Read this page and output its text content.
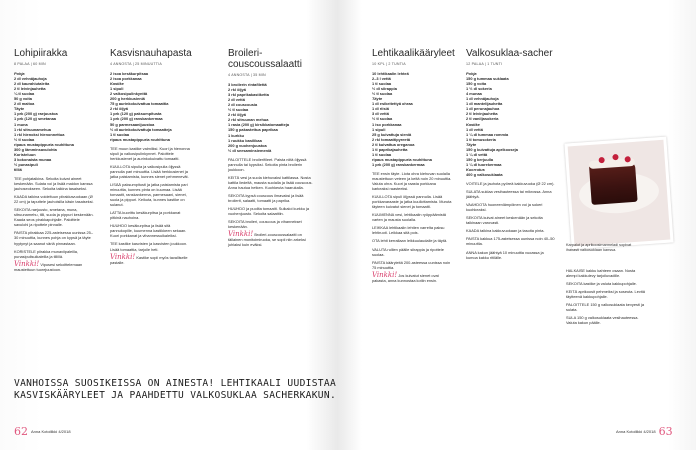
Lohipiirakka
8 PALAA | 60 MIN
Pohja
2 dl vehnäjauhoja
2 dl kaurahiutaleita
2 tl leivinjauhetta
¼ tl suolaa
50 g voita
2 dl maitoa
Täyte
1 prk (200 g) raejuustoa
1 prk (120 g) smetanaa
1 muna
1 rkl sitruunamehua
1 rkl hienoksi hienonnettua
½ tl suolaa
ripaus mustapippuria rouhittuna
300 g lämminsavulohta
Koristeluun
3 kokonaista munaa
½ punasipuli
tilliä

TEE pohjataikina. Sekoita kuivat aineet keskenään. Sulata voi ja lisää maidon kanssa jauhoseokseen. Sekoita taikina tasaiseksi.

KAADA taikina voideltuun piirakkavuokaan (Ø 22 cm) ja taputtele jauhoisilla käsin tasaiseksi.

SEKOITA raejuusto, smetana, muna, sitruunamehu, tilli, suola ja pippuri keskenään. Kaada seos pirakkapohjalle. Paloittele savulohi ja ripottele pinnalle.

PAISTA piirakkaa 225-asteisessa uunissa 25–30 minuuttia, kunnes pohja on kypsä ja täyte hyytynyt ja saanut väriä pinnastaan.

KORISTELE piirakka munaviipaleilla, punasipulisuikaleilla ja tillillä.

Vinkki! Vipusesi sekoittelemaan maustettuun tuorejuustoon.
Kasvisnauhapasta
4 ANNOSTA | 25 MINUUTTIA
2 isoa kesäkurpitsaa
2 isoa porkkanaa
Kastike
1 sipuli
2 valkosipulinkynttä
200 g herkkusieniä
75 g aurinkokuivattua tomaattia
2 rkl öljyä
1 prk (120 g) paksumpitusta
1 prk (200 g) ranskankermaa
50 g parmesaanijuustoa
½ dl aurinkokuivattuja tomaatteja
1 tl suolaa
ripaus mustapippuria rouhittuna

TEE muun kastike valmiiksi. Kuori ja hienonna sipuli ja valkosipulinkynnet. Paloittele herkkusienet ja aurinkokuivattu tomaatti.

KUULLOTA sipulia ja valkosipulia öljyssä pannulla pari minuuttia. Lisää herkkusienet ja jatka paistamista, kunnes sienet pehmenevät.

LISÄÄ paksumpitusti ja jatka paistamista pari minuuttia, kunnes pinta on kuumaa. Lisää tomaatit, ranskankerma, parmesaani, sienet, suola ja pippuri. Keikuta, kunnes kastike on sulanut.

LATTA kuorittu kesäkurpitsa ja porkkanat pitkinä nauhoina.

HUUHDO kesäkurpitsa ja lisää sitä pannukopille, kuumenna kastikkeen sekaan. Kuori porkkanat ja vihannessuikaleiksi.

TEE kastike kasvisten ja kasvisten joukkoon. Lisää tomaattia, tarjoile heti.

Vinkki! Kastike sopii myös tavalliselle pastalle.
Broileri-couscoussalaatti
4 ANNOSTA | 35 MIN
3 broilerin rintafilettä
2 rkl öljyä
3 rkl paprikakastiketta
2 dl vettä
2 dl couscousia
½ tl suolaa
2 rkl öljyä
2 rkl sitruunan mehua
1 rasia (200 g) kirsikkatomaatteja
150 g pakastettua paprikaa
1 kurkku
1 ruukku basilikaa
200 g vuohenjuustoa
½ dl seesaminsiemeniä

PALOITTELE broilerifileet. Paista niitä öljyssä pannulla tai kypsiksi. Sekoita pinta broilerin joukkoon.

KEITÄ vesi ja suola kiehuvaksi kattilassa. Nosta kattila liedeltä, mausta suolalla ja lisää couscous. Anna hautua hetken. Kuohkeuta haarukalla.

SEKOITA kypsä couscous ilmavaksi ja lisää broilerit, salaatti, tomaatti ja paprika.

HUUHDO ja puolita tomaatit. Suikaloi kurkku ja vuohenjuusto. Sekoita salaattiin.

SEKOITA broileri, couscous ja vihannekset keskenään.

Vinkki! Broileri-couscoussalaatti on tällainen monitoimiruoka, se sopii niin arkeksi juhlaksi kuin eväksi.
Lehtikaalikääryleet
10 KPL | 2 TUNTIA
10 lehtikaalin lehteä
2–3 l vettä
1 tl suolaa
½ dl siirappia
½ tl suolaa
Täyte
1 dl esikeitettyä ohraa
1 dl riisiä
3 dl vettä
½ tl suolaa
1 iso porkkanaa
1 sipuli
25 g kuivattuja sieniä
2 rkl tomaattipyreetä
2 tl kuivattua oreganoa
1 tl paprikajauhetta
1 tl suolaa
ripaus mustapippuria rouhittuna
1 prk (200 g) ranskankermaa

TEE ensin täyte. Liota ohra kiehuvan suolalla maustettuun veteen ja keitä noin 20 minuuttia. Valuta ohra. Kuori ja raasta porkkana karkeaksi raasteeksi.

KUULLOTA sipuli öljyssä pannulla. Lisää porkkanaraaste ja jatka kuullottamista. Muruta täyteen kuivatut sienet ja tomaatti.

KUUMENNA vesi, lehtikaalin ryöppäämistä varten ja mausta suolalla.

LEIKKAA lehtikaalin lehtien varrelta paksu lehtiruoti. Leikkaa sitä pois.

OTA lehti kerrallaan leikkuulaudalle ja täytä.

VALUTA rullien päälle siirappia ja ripottele suolaa.

PAISTA kääryleitä 200-asteessa uunissa noin 75 minuuttia.

Vinkki! Jos kuivatut sienet ovat pakasta, anna kunnostaa kotiin ensin.
Valkosuklaa-sacher
12 PALAA | 1 TUNTI
Pohja
150 g tummaa suklaata
150 g voita
1 ½ dl sokeria
4 munaa
1 dl vehnäjauhoja
1 dl mantelijauhetta
1 dl perunajauhoa
2 tl leivinjauhetta
2 tl vaniljasokeria
Kastike
1 dl vettä
1 ¼ dl tummaa rommia
1 tl tomusokeria
Täyte
150 g kuivattuja aprikooseja
1 ¼ dl vettä
150 g kerjuulla
1 ¼ dl tuorekermaa
Kuorrutus
400 g valkosuklaata

VOITELE ja jauhota pyöreä kakkuvuoka (Ø 22 cm).

SULATA suklaa vesihauteessa tai mikrossa. Anna jäähtyä.

VAAHDOTA huoneenlämpöinen voi ja sokeri kuohkeaksi.

SEKOITA kuivat aineet keskenään ja sekoita taikinaan varovasti.

KAADA taikina kakkuvuokaan ja tasoita pinta.

PAISTA kakkua 175-asteisessa uunissa noin 40–50 minuuttia.

ANNA kakun jäähtyä 10 minuuttia vuoassa ja kumoa kakku ritilälle.

HALKAISE kakku kahteen osaan. Nosta alempi kakkulevy tarjoiluvadille.

SEKOITA kastike ja valuta kakkupohjalle.

KEITÄ aprikoosit pehmeiksi ja soseuta. Levitä täytteenä kakkupohjalle.

PALOITTELE 150 g valkosuklaata kevyesti ja sulata.

SULA 150 g valkosuklaata vesihauteessa. Valuta kakun päälle.

Karpalot ja aprikoosimarmeladi sopivat ihanasti valkosuklaan kanssa.
VANHOISSA SUOSIKEISSA ON AINESTA! LEHTIKAALI UUDISTAA KASVISKÄÄRYLEET JA PAAHDETTU VALKOSUKLAA SACHERKAKUN.
62 Anna Kotoilikki 4/2018	Anna Kotoilikki 4/2018 63
